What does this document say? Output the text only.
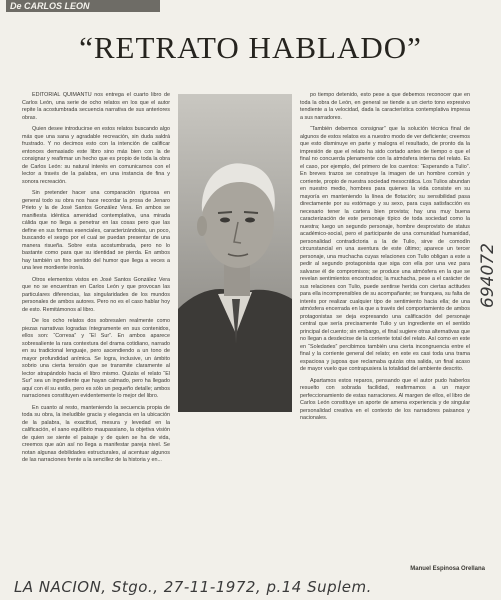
De CARLOS LEON
“RETRATO HABLADO”

EDITORIAL QUIMANTU nos entrega el cuarto libro de Carlos León, una serie de ocho relatos en los que el autor repite la acostumbrada secuencia narrativa de sus anteriores obras.

Quien desee introducirse en estos relatos buscando algo más que una sana y agradable recreación, sin duda saldrá frustrado. Y no decimos esto con la intención de calificar entonces demasiado este libro sino más bien con la de consignar y reafirmar un hecho que es propio de toda la obra de Carlos León: su natural interés en comunicarnos con el lector a través de la palabra, en una instancia de fina y sonora recreación.

Sin pretender hacer una comparación rigurosa en general todo su obra nos hace recordar la prosa de Jenaro Prieto y la de José Santos González Vera. En ambos se manifiesta idéntica amenidad contemplativa, una mirada cálida que no llega a penetrar en las cosas pero que las define en sus formas esenciales, caracterizándolas, un poco, buscando el sesgo por el cual se puedan presentar de una manera risueña. Sobre esta acostumbrada, pero no lo bastante como para que su identidad se pierda. En ambos hay también un fino sentido del humor que llega a veces a una leve mordiente ironía.

Otros elementos vistos en José Santos González Vera que no se encuentran en Carlos León y que provocan las particulares diferencias, las singularidades de los mundos personales de ambos autores. Pero no es el caso hablar hoy de esto. Remitámonos al libro.

De los ocho relatos dos sobresalen realmente como piezas narrativas logradas íntegramente en sus contenidos, ellos son: “Corresa” y “El Sur”. En ambos aparece sobresaliente la rara contextura del drama cotidiano, narrado en su tradicional lenguaje, pero ascendiendo a un tono de mayor profundidad anímica. Se logra, inclusive, un ámbito sobrio una cierta tensión que se transmite claramente al lector atrapándolo hacia el libro mismo. Quizás el relato “El Sur” sea un ingrediente que hayan calmado, pero ha llegado aquí con él su estilo, pero es sólo un pequeño detalle; ambos narraciones constituyen evidentemente lo mejor del libro.

En cuanto al resto, manteniendo la secuencia propia de toda su obra, la ineludible gracia y elegancia en la ubicación de la palabra, la exactitud, mesura y levedad en la calificación, el sano equilibrio maupassiano, la objetiva visión de quien se siente el paisaje y de quien se ha de vida, creemos que aún así no llega a manifestar pareja nivel. Se notan algunas debilidades estructurales, al acentuar algunos de las narraciones frente a la sencillez de la historia y en...

po tiempo detenido, esto pese a que debemos reconocer que en toda la obra de León, en general se tiende a un cierto tono expresivo tendiente a la velocidad, dada la característica contemplativa impresa a sus narradores.

“También debemos consignar” que la solución técnica final de algunos de estos relatos es a nuestro modo de ver deficiente; creemos que esto disminuye en parte y malogra el resultado, de pronto da la impresión de que el relato ha sido cortado antes de tiempo o que el final no concuerda plenamente con la atmósfera interna del relato. Es el caso, por ejemplo, del primero de los cuentos: “Esperando a Tulio”. En breves trazos se construye la imagen de un hombre común y corriente, propio de nuestra sociedad mesocrática. Los Tulios abundan en nuestro medio, hombres para quienes la vida consiste en su mayoría en manteniendo la línea de flotación; su sensibilidad pasa directamente por su estómago y su sexo, para cuya satisfacción es necesario tener la cartera bien provista; hay una muy buena caracterización de este personaje típico de toda sociedad como la nuestra; luego un segundo personaje, hombre desprovisto de status académico-social, pero el participante de una comunidad humanidad, personalidad contradictoria a la de Tulio, sirve de comodín circunstancial en una aventura de este último; aparece un tercer personaje, una muchacha cuyas relaciones con Tulio obligan a este a pedir al segundo protagonista que siga con ella por una vez para salvarse él de compromisos; se produce una atmósfera en la que se revelan sentimientos encontrados; la muchacha, pese a el carácter de sus relaciones con Tulio, puede sentirse herida con ciertas actitudes para ella incomprensibles de su acompañante; se franquea, su falta de interés por realizar cualquier tipo de sentimiento hacia ella; de una atmósfera encerrada en la que a través del comportamiento de ambos protagonistas se deja expresando una calificación del personaje central que sería precisamente Tulio y un ingrediente en el sentido principal del cuento; sin embargo, el final sugiere otras alternativas que no llegan a desdecirse de la corriente total del relato. Así como en este en “Soledades” percibimos también una cierta incongruencia entre el final y la corriente general del relato; en este es casi toda una trama espaciosa y jugosa que reclamaba quizás otra salida, un final acaso de mayor vuelo que contrapusiera la totalidad del ambiente descrito.

Apartamos estos reparos, pensando que el autor pudo haberlos resuelto con sobrada facilidad, reafirmamos a un mayor perfeccionamiento de estas narraciones. Al margen de ellos, el libro de Carlos León constituye un aporte de amena experiencia y de singular personalidad creativa en el contexto de los narradores paisanos y nacionales.

Manuel Espinosa Orellana
LA NACION, Stgo., 27-11-1972, p.14 Suplem.
694072
